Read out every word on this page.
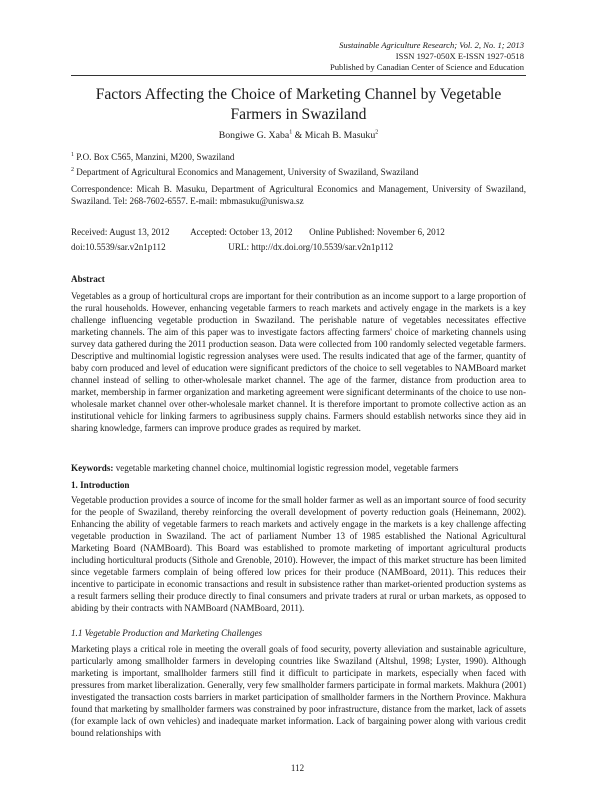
Sustainable Agriculture Research; Vol. 2, No. 1; 2013
ISSN 1927-050X E-ISSN 1927-0518
Published by Canadian Center of Science and Education
Factors Affecting the Choice of Marketing Channel by Vegetable Farmers in Swaziland
Bongiwe G. Xaba$^1$ & Micah B. Masuku$^2$
$^1$ P.O. Box C565, Manzini, M200, Swaziland
$^2$ Department of Agricultural Economics and Management, University of Swaziland, Swaziland
Correspondence: Micah B. Masuku, Department of Agricultural Economics and Management, University of Swaziland, Swaziland. Tel: 268-7602-6557. E-mail: mbmasuku@uniswa.sz
Received: August 13, 2012 Accepted: October 13, 2012 Online Published: November 6, 2012
doi:10.5539/sar.v2n1p112	URL: http://dx.doi.org/10.5539/sar.v2n1p112
Abstract
Vegetables as a group of horticultural crops are important for their contribution as an income support to a large proportion of the rural households. However, enhancing vegetable farmers to reach markets and actively engage in the markets is a key challenge influencing vegetable production in Swaziland. The perishable nature of vegetables necessitates effective marketing channels. The aim of this paper was to investigate factors affecting farmers' choice of marketing channels using survey data gathered during the 2011 production season. Data were collected from 100 randomly selected vegetable farmers. Descriptive and multinomial logistic regression analyses were used. The results indicated that age of the farmer, quantity of baby corn produced and level of education were significant predictors of the choice to sell vegetables to NAMBoard market channel instead of selling to other-wholesale market channel. The age of the farmer, distance from production area to market, membership in farmer organization and marketing agreement were significant determinants of the choice to use non-wholesale market channel over other-wholesale market channel. It is therefore important to promote collective action as an institutional vehicle for linking farmers to agribusiness supply chains. Farmers should establish networks since they aid in sharing knowledge, farmers can improve produce grades as required by market.
Keywords: vegetable marketing channel choice, multinomial logistic regression model, vegetable farmers
1. Introduction
Vegetable production provides a source of income for the small holder farmer as well as an important source of food security for the people of Swaziland, thereby reinforcing the overall development of poverty reduction goals (Heinemann, 2002). Enhancing the ability of vegetable farmers to reach markets and actively engage in the markets is a key challenge affecting vegetable production in Swaziland. The act of parliament Number 13 of 1985 established the National Agricultural Marketing Board (NAMBoard). This Board was established to promote marketing of important agricultural products including horticultural products (Sithole and Grenoble, 2010). However, the impact of this market structure has been limited since vegetable farmers complain of being offered low prices for their produce (NAMBoard, 2011). This reduces their incentive to participate in economic transactions and result in subsistence rather than market-oriented production systems as a result farmers selling their produce directly to final consumers and private traders at rural or urban markets, as opposed to abiding by their contracts with NAMBoard (NAMBoard, 2011).
1.1 Vegetable Production and Marketing Challenges
Marketing plays a critical role in meeting the overall goals of food security, poverty alleviation and sustainable agriculture, particularly among smallholder farmers in developing countries like Swaziland (Altshul, 1998; Lyster, 1990). Although marketing is important, smallholder farmers still find it difficult to participate in markets, especially when faced with pressures from market liberalization. Generally, very few smallholder farmers participate in formal markets. Makhura (2001) investigated the transaction costs barriers in market participation of smallholder farmers in the Northern Province. Makhura found that marketing by smallholder farmers was constrained by poor infrastructure, distance from the market, lack of assets (for example lack of own vehicles) and inadequate market information. Lack of bargaining power along with various credit bound relationships with
112
